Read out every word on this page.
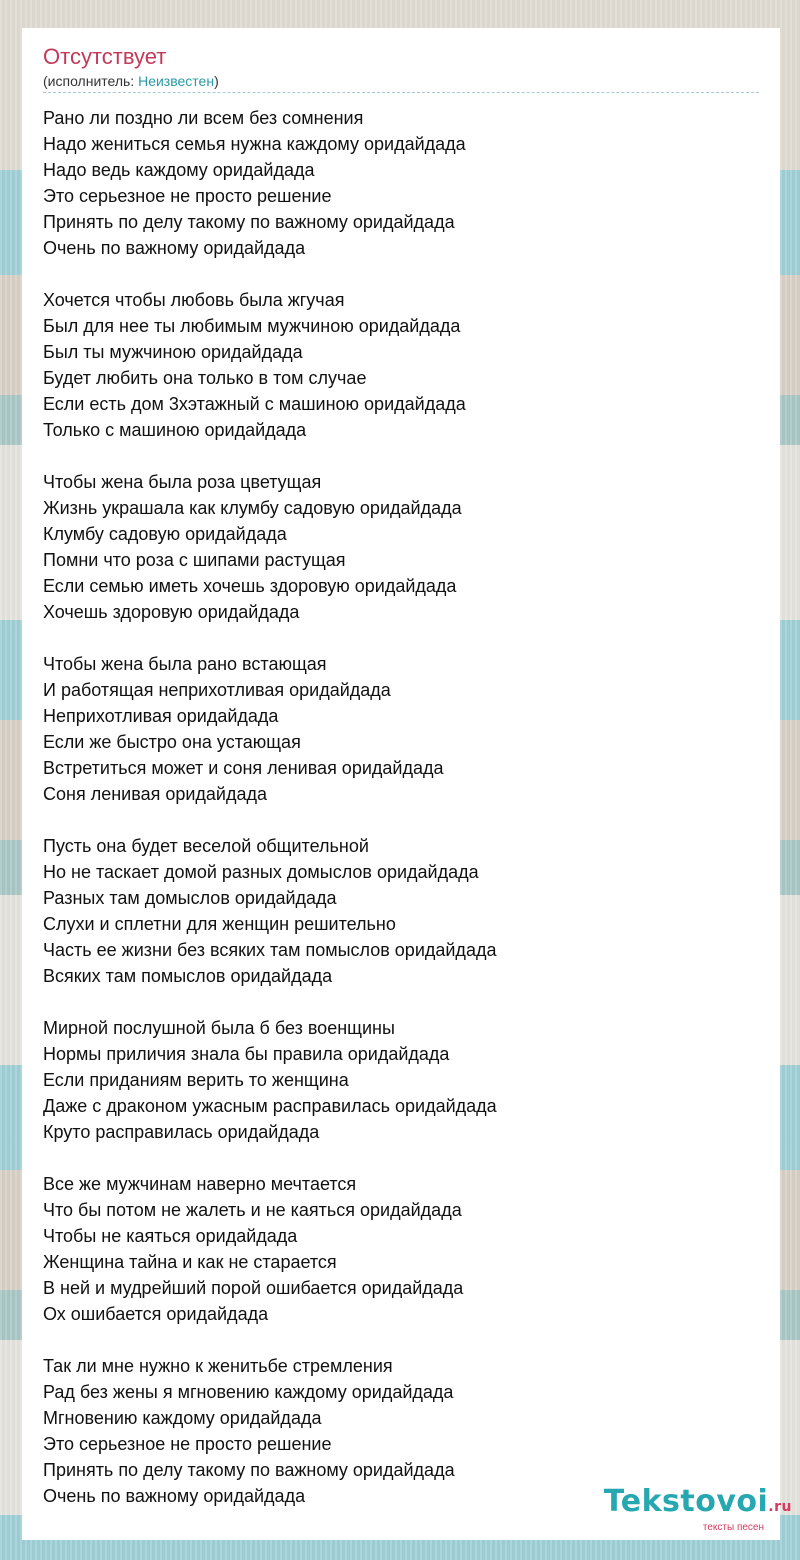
Отсутствует
(исполнитель: Неизвестен)
Рано ли поздно ли всем без сомнения
Надо жениться семья нужна каждому оридайдада
Надо ведь каждому оридайдада
Это серьезное не просто решение
Принять по делу такому по важному оридайдада
Очень по важному оридайдада
Хочется чтобы любовь была жгучая
Был для нее ты любимым мужчиною оридайдада
Был ты мужчиною оридайдада
Будет любить она только в том случае
Если есть дом 3хэтажный с машиною оридайдада
Только с машиною оридайдада
Чтобы жена была роза цветущая
Жизнь украшала как клумбу садовую оридайдада
Клумбу садовую оридайдада
Помни что роза с шипами растущая
Если семью иметь хочешь здоровую оридайдада
Хочешь здоровую оридайдада
Чтобы жена была рано встающая
И работящая неприхотливая оридайдада
Неприхотливая оридайдада
Если же быстро она устающая
Встретиться может и соня ленивая оридайдада
Соня ленивая оридайдада
Пусть она будет веселой общительной
Но не таскает домой разных домыслов оридайдада
Разных там домыслов оридайдада
Слухи и сплетни для женщин решительно
Часть ее жизни без всяких там помыслов оридайдада
Всяких там помыслов оридайдада
Мирной послушной была б без военщины
Нормы приличия знала бы правила оридайдада
Если приданиям верить то женщина
Даже с драконом ужасным расправилась оридайдада
Круто расправилась оридайдада
Все же мужчинам наверно мечтается
Что бы потом не жалеть и не каяться оридайдада
Чтобы не каяться оридайдада
Женщина тайна и как не старается
В ней и мудрейший порой ошибается оридайдада
Ох ошибается оридайдада
Так ли мне нужно к женитьбе стремления
Рад без жены я мгновению каждому оридайдада
Мгновению каждому оридайдада
Это серьезное не просто решение
Принять по делу такому по важному оридайдада
Очень по важному оридайдада	Tekstovoi.ru
тексты песен
